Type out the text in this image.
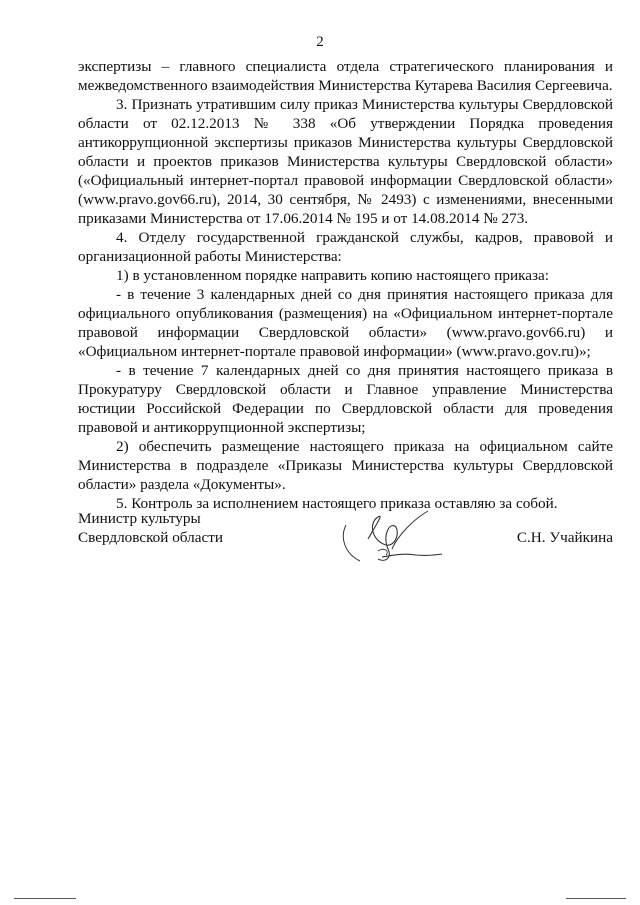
2

экспертизы – главного специалиста отдела стратегического планирования и межведомственного взаимодействия Министерства Кутарева Василия Сергеевича.

3. Признать утратившим силу приказ Министерства культуры Свердловской области от 02.12.2013 № 338 «Об утверждении Порядка проведения антикоррупционной экспертизы приказов Министерства культуры Свердловской области и проектов приказов Министерства культуры Свердловской области» («Официальный интернет-портал правовой информации Свердловской области» (www.pravo.gov66.ru), 2014, 30 сентября, № 2493) с изменениями, внесенными приказами Министерства от 17.06.2014 № 195 и от 14.08.2014 № 273.

4. Отделу государственной гражданской службы, кадров, правовой и организационной работы Министерства:

1) в установленном порядке направить копию настоящего приказа:

- в течение 3 календарных дней со дня принятия настоящего приказа для официального опубликования (размещения) на «Официальном интернет-портале правовой информации Свердловской области» (www.pravo.gov66.ru) и «Официальном интернет-портале правовой информации» (www.pravo.gov.ru)»;

- в течение 7 календарных дней со дня принятия настоящего приказа в Прокуратуру Свердловской области и Главное управление Министерства юстиции Российской Федерации по Свердловской области для проведения правовой и антикоррупционной экспертизы;

2) обеспечить размещение настоящего приказа на официальном сайте Министерства в подразделе «Приказы Министерства культуры Свердловской области» раздела «Документы».

5. Контроль за исполнением настоящего приказа оставляю за собой.

Министр культуры
Свердловской области	С.Н. Учайкина
